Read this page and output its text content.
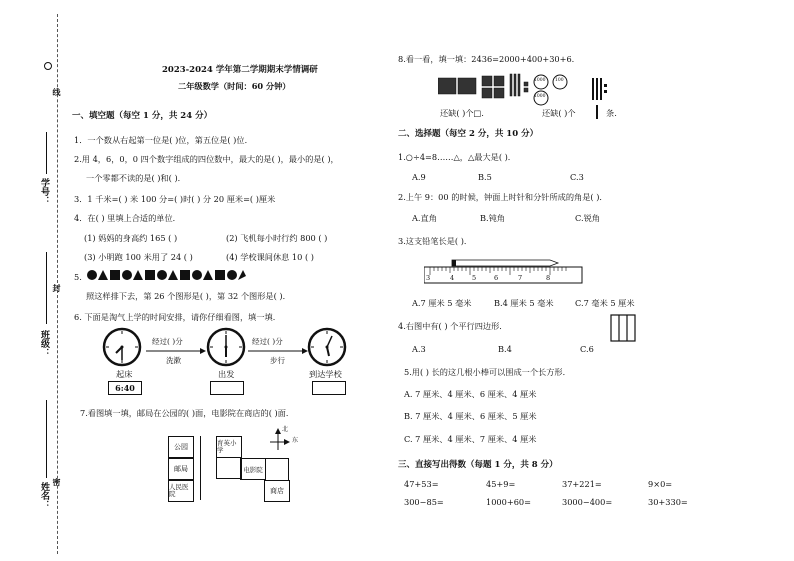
学号：
班级：
姓名：
线
封
密
2023-2024 学年第二学期期末学情调研
二年级数学（时间：60 分钟）
一、填空题（每空 1 分，共 24 分）
1．一个数从右起第一位是( )位，第五位是( )位．
2.用 4，6，0，0 四个数字组成的四位数中，最大的是( )，最小的是( )，
一个零都不读的是( )和( )．
3．1 千米=( ) 米 100 分=( )时( ) 分 20 厘米=( )厘米
4．在( ) 里填上合适的单位．
(1) 妈妈的身高约 165 ( )	(2) 飞机每小时行约 800 ( )
(3) 小明跑 100 米用了 24 ( )	(4) 学校课间休息 10 ( )
5.
照这样排下去，第 26 个图形是( )，第 32 个图形是( )．
6. 下面是淘气上学的时间安排，请你仔细看图，填一填．
经过( )分
洗漱
经过( )分
步行
起床
6:40
出发	到达学校
7.看图填一填，邮局在公园的( )面，电影院在商店的( )面．
公园
邮局
人民医院
育英小学
电影院
商店
北
东
8.看一看，填一填：2436=2000+400+30+6.
1000
1000
100
还缺( )个□.	还缺( )个	条.
二、选择题（每空 2 分，共 10 分）
1.○÷4=8……△，△最大是( )．
A.9	B.5	C.3
2.上午 9：00 的时候，钟面上时针和分针所成的角是( )．
A.直角	B.钝角	C.锐角
3.这支铅笔长是( )．
3	4	5	6	7	8
A.7 厘米 5 毫米	B.4 厘米 5 毫米	C.7 毫米 5 厘米
4.右图中有( ) 个平行四边形．
A.3	B.4	C.6
5.用( ) 长的这几根小棒可以围成一个长方形．
A. 7 厘米、4 厘米、6 厘米、4 厘米
B. 7 厘米、4 厘米、6 厘米、5 厘米
C. 7 厘米、4 厘米、7 厘米、4 厘米
三、直接写出得数（每题 1 分，共 8 分）
47+53=	45+9=	37+221=	9×0=
300−85=	1000+60=	3000−400=	30+330=
